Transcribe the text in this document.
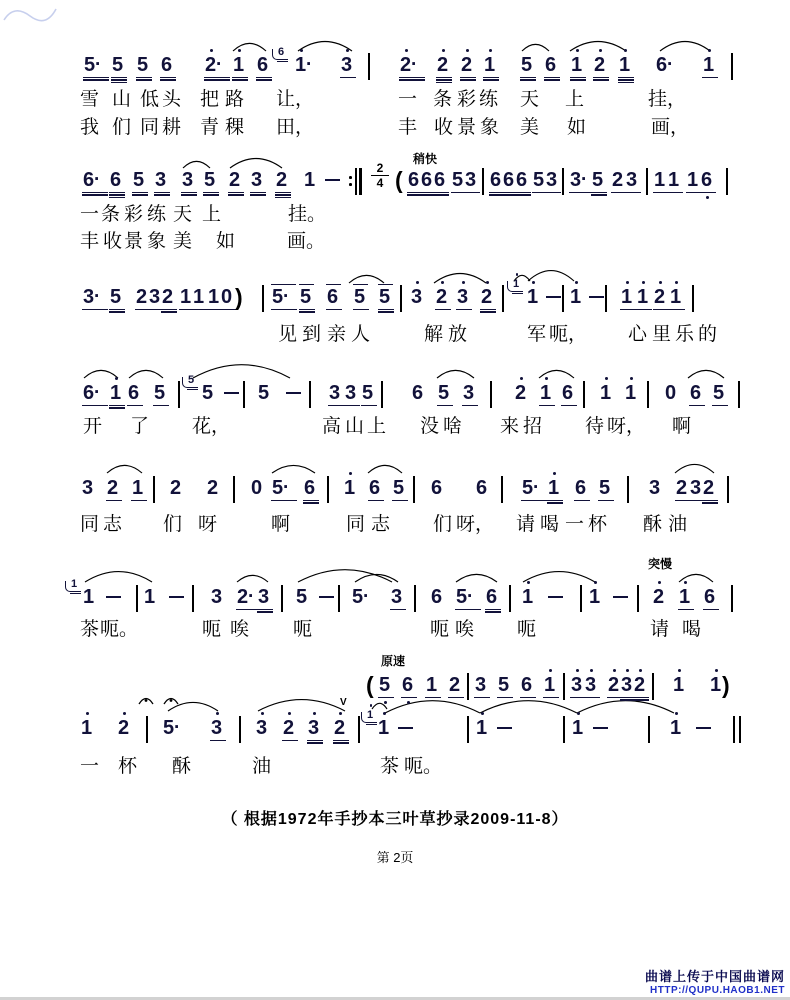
5 · 5 5 6 2 · 1 6
6
1 · 3 2 · 2 2 1 5 6 1 2 1 6 · 1
雪 山 低 头 把 路 让，	一 条 彩 练 天 上	挂，
我 们 同 耕 青 稞 田，	丰 收 景 象 美 如	画，
6 · 6 5 3 3 5 2 3 2 1	$\frac{2}{4}$ ( 6 6 6 5 3 6 6 6 5 3 3 · 5 2 3 1 1 1 6
一 条 彩 练 天 上	挂。
丰 收 景 象 美 如	画。
3 · 5 2 3 2 1 1 1 0 ) 5 · 5 6 5 5 3 2 3 2
1
1 1 1 1 2 1
见 到 亲 人	解 放	军 呃， 心 里 乐 的
6 · 1 6 5
5
5 5	3 3 5 6 5 3 2 1 6 1 1 0 6 5
开 了 花，	高 山 上 没 啥 来 招 待 呀， 啊
3 2 1 2 2 0 5 · 6 1 6 5 6 6 5 · 1 6 5 3 2 3 2
同 志 们 呀	啊	同 志 们 呀， 请 喝 一 杯 酥 油
1
1	1	3 2 · 3 5 5 · 3 6 5 · 6 1	1	2 1 6
茶 呃。	呃 唉 呃	呃 唉 呃	请 喝
( 5 6 1 2 3 5 6 1 3 3 2 3 2 1 1 )
1 2 5 · 3 3 2 3 2
1
1	1	1	1
一 杯 酥	油	茶 呃。
稍快
突慢
原速
V
（ 根据1972年手抄本三叶草抄录2009-11-8）
第 2页
曲谱上传于中国曲谱网
HTTP://QUPU.HAOB1.NET
